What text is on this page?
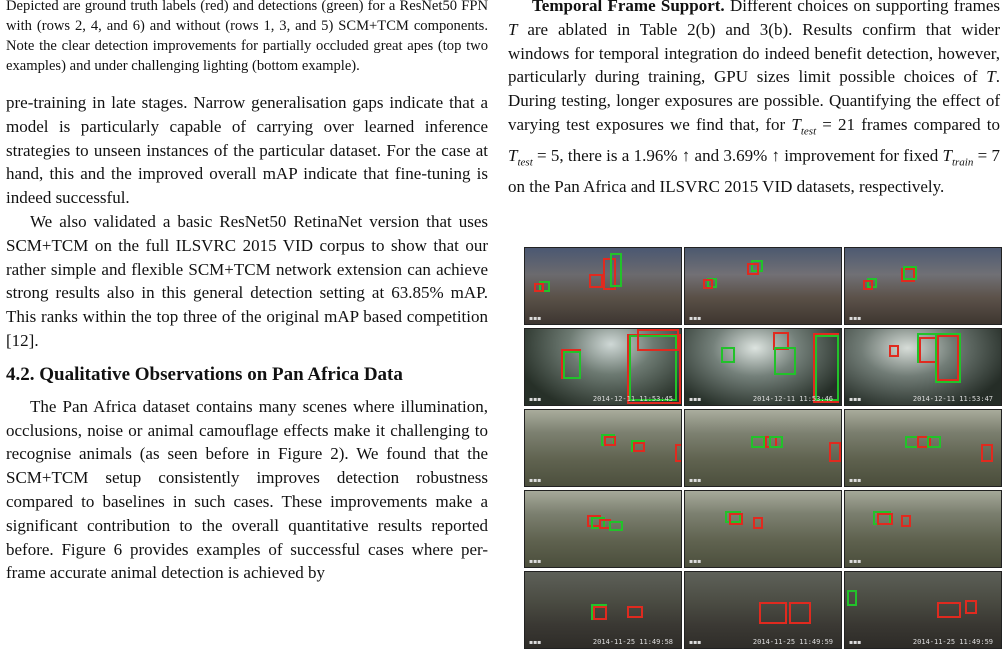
Depicted are ground truth labels (red) and detections (green) for a ResNet50 FPN with (rows 2, 4, and 6) and without (rows 1, 3, and 5) SCM+TCM components. Note the clear detection improvements for partially occluded great apes (top two examples) and under challenging lighting (bottom example).

pre-training in late stages. Narrow generalisation gaps indicate that a model is particularly capable of carrying over learned inference strategies to unseen instances of the particular dataset. For the case at hand, this and the improved overall mAP indicate that fine-tuning is indeed successful.

We also validated a basic ResNet50 RetinaNet version that uses SCM+TCM on the full ILSVRC 2015 VID corpus to show that our rather simple and flexible SCM+TCM network extension can achieve strong results also in this general detection setting at 63.85% mAP. This ranks within the top three of the original mAP based competition [12].

4.2. Qualitative Observations on Pan Africa Data

The Pan Africa dataset contains many scenes where illumination, occlusions, noise or animal camouflage effects make it challenging to recognise animals (as seen before in Figure 2). We found that the SCM+TCM setup consistently improves detection robustness compared to baselines in such cases. These improvements make a significant contribution to the overall quantitative results reported before. Figure 6 provides examples of successful cases where per-frame accurate animal detection is achieved by

Temporal Frame Support. Different choices on supporting frames T are ablated in Table 2(b) and 3(b). Results confirm that wider windows for temporal integration do indeed benefit detection, however, particularly during training, GPU sizes limit possible choices of T. During testing, longer exposures are possible. Quantifying the effect of varying test exposures we find that, for $T_{test} = 21$ frames compared to $T_{test} = 5$, there is a 1.96% ↑ and 3.69% ↑ improvement for fixed $T_{train} = 7$ on the Pan Africa and ILSVRC 2015 VID datasets, respectively.

▪▪▪	▪▪▪	▪▪▪
2014-12-11 11:53:45
▪▪▪	2014-12-11 11:53:46
▪▪▪	2014-12-11 11:53:47
▪▪▪
▪▪▪	▪▪▪	▪▪▪
▪▪▪	▪▪▪	▪▪▪
2014-11-25 11:49:58
▪▪▪	2014-11-25 11:49:59
▪▪▪	2014-11-25 11:49:59
▪▪▪
